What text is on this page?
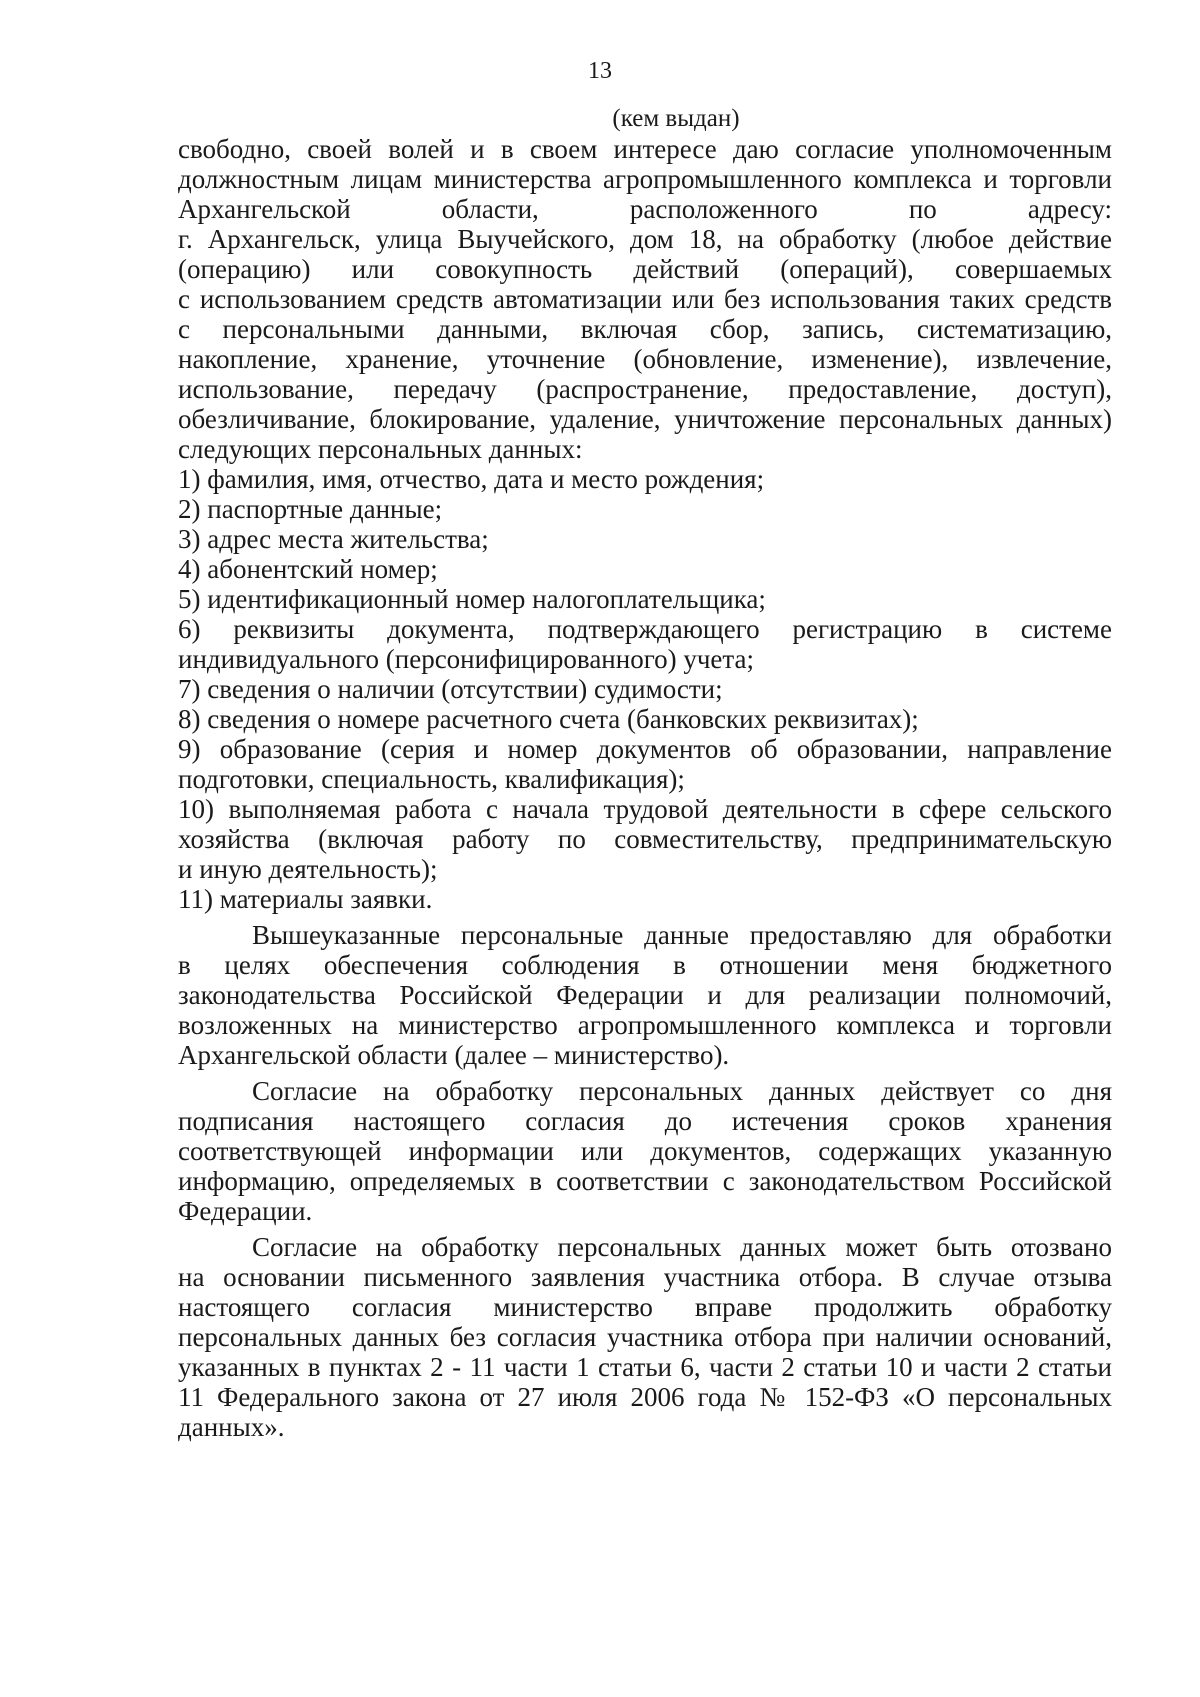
13
(кем выдан)

свободно, своей волей и в своем интересе даю согласие уполномоченным

должностным лицам министерства агропромышленного комплекса и торговли

Архангельской области, расположенного по адресу:

г. Архангельск, улица Выучейского, дом 18, на обработку (любое действие

(операцию) или совокупность действий (операций), совершаемых

с использованием средств автоматизации или без использования таких средств

с персональными данными, включая сбор, запись, систематизацию,

накопление, хранение, уточнение (обновление, изменение), извлечение,

использование, передачу (распространение, предоставление, доступ),

обезличивание, блокирование, удаление, уничтожение персональных данных)

следующих персональных данных:

1) фамилия, имя, отчество, дата и место рождения;

2) паспортные данные;

3) адрес места жительства;

4) абонентский номер;

5) идентификационный номер налогоплательщика;

6) реквизиты документа, подтверждающего регистрацию в системе

индивидуального (персонифицированного) учета;

7) сведения о наличии (отсутствии) судимости;

8) сведения о номере расчетного счета (банковских реквизитах);

9) образование (серия и номер документов об образовании, направление

подготовки, специальность, квалификация);

10) выполняемая работа с начала трудовой деятельности в сфере сельского

хозяйства (включая работу по совместительству, предпринимательскую

и иную деятельность);

11) материалы заявки.

Вышеуказанные персональные данные предоставляю для обработки

в целях обеспечения соблюдения в отношении меня бюджетного

законодательства Российской Федерации и для реализации полномочий,

возложенных на министерство агропромышленного комплекса и торговли

Архангельской области (далее – министерство).

Согласие на обработку персональных данных действует со дня

подписания настоящего согласия до истечения сроков хранения

соответствующей информации или документов, содержащих указанную

информацию, определяемых в соответствии с законодательством Российской

Федерации.

Согласие на обработку персональных данных может быть отозвано

на основании письменного заявления участника отбора. В случае отзыва

настоящего согласия министерство вправе продолжить обработку

персональных данных без согласия участника отбора при наличии оснований,

указанных в пунктах 2 - 11 части 1 статьи 6, части 2 статьи 10 и части 2 статьи

11 Федерального закона от 27 июля 2006 года № 152-ФЗ «О персональных

данных».
